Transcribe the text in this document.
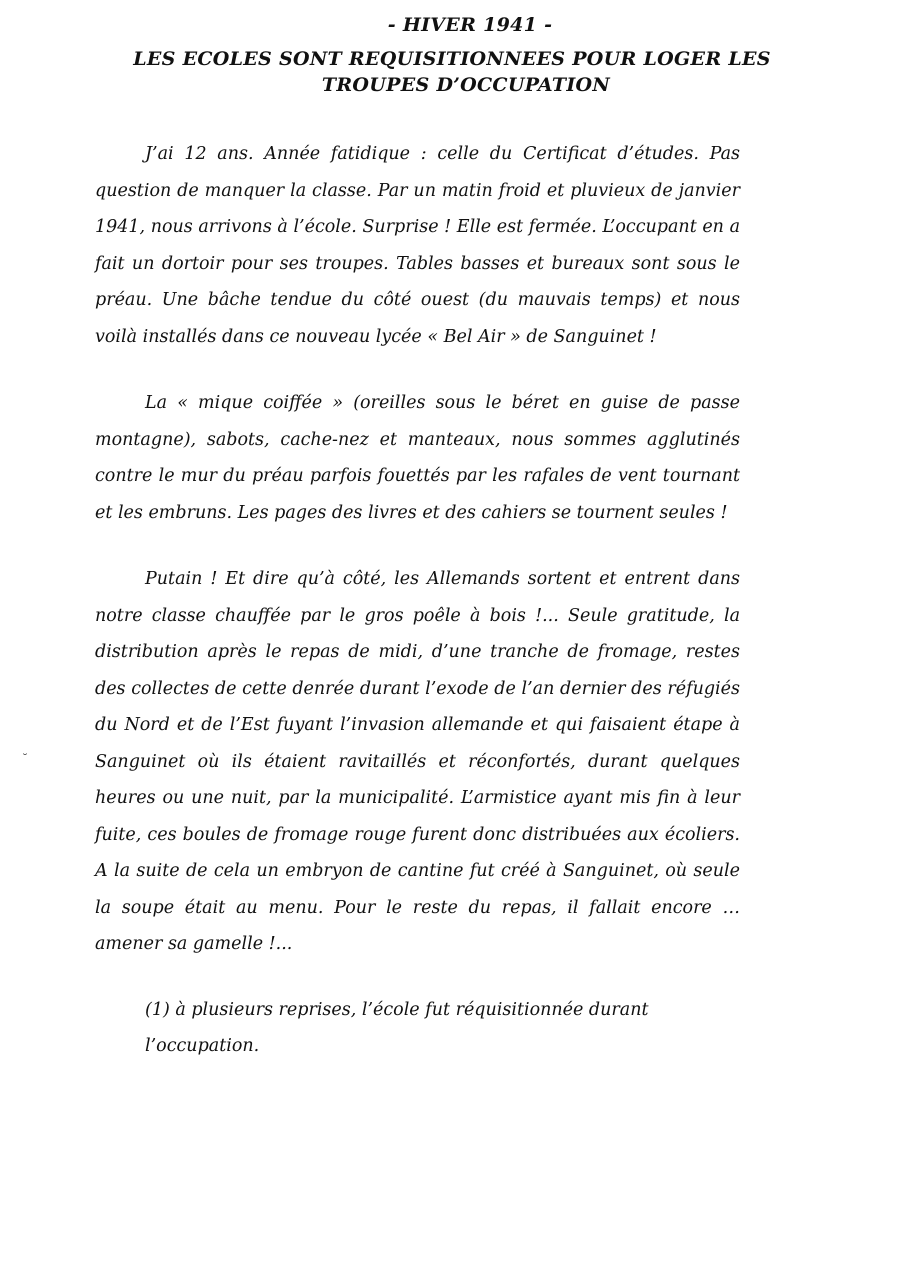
- HIVER 1941 -
LES ECOLES SONT REQUISITIONNEES POUR LOGER LES
TROUPES D’OCCUPATION

J’ai 12 ans. Année fatidique : celle du Certificat d’études. Pas question de manquer la classe. Par un matin froid et pluvieux de janvier 1941, nous arrivons à l’école. Surprise ! Elle est fermée. L’occupant en a fait un dortoir pour ses troupes. Tables basses et bureaux sont sous le préau. Une bâche tendue du côté ouest (du mauvais temps) et nous voilà installés dans ce nouveau lycée « Bel Air » de Sanguinet !

La « mique coiffée » (oreilles sous le béret en guise de passe montagne), sabots, cache-nez et manteaux, nous sommes agglutinés contre le mur du préau parfois fouettés par les rafales de vent tournant et les embruns. Les pages des livres et des cahiers se tournent seules !

Putain ! Et dire qu’à côté, les Allemands sortent et entrent dans notre classe chauffée par le gros poêle à bois !... Seule gratitude, la distribution après le repas de midi, d’une tranche de fromage, restes des collectes de cette denrée durant l’exode de l’an dernier des réfugiés du Nord et de l’Est fuyant l’invasion allemande et qui faisaient étape à Sanguinet où ils étaient ravitaillés et réconfortés, durant quelques heures ou une nuit, par la municipalité. L’armistice ayant mis fin à leur fuite, ces boules de fromage rouge furent donc distribuées aux écoliers. A la suite de cela un embryon de cantine fut créé à Sanguinet, où seule la soupe était au menu. Pour le reste du repas, il fallait encore … amener sa gamelle !...

(1) à plusieurs reprises, l’école fut réquisitionnée durant l’occupation.

˘
